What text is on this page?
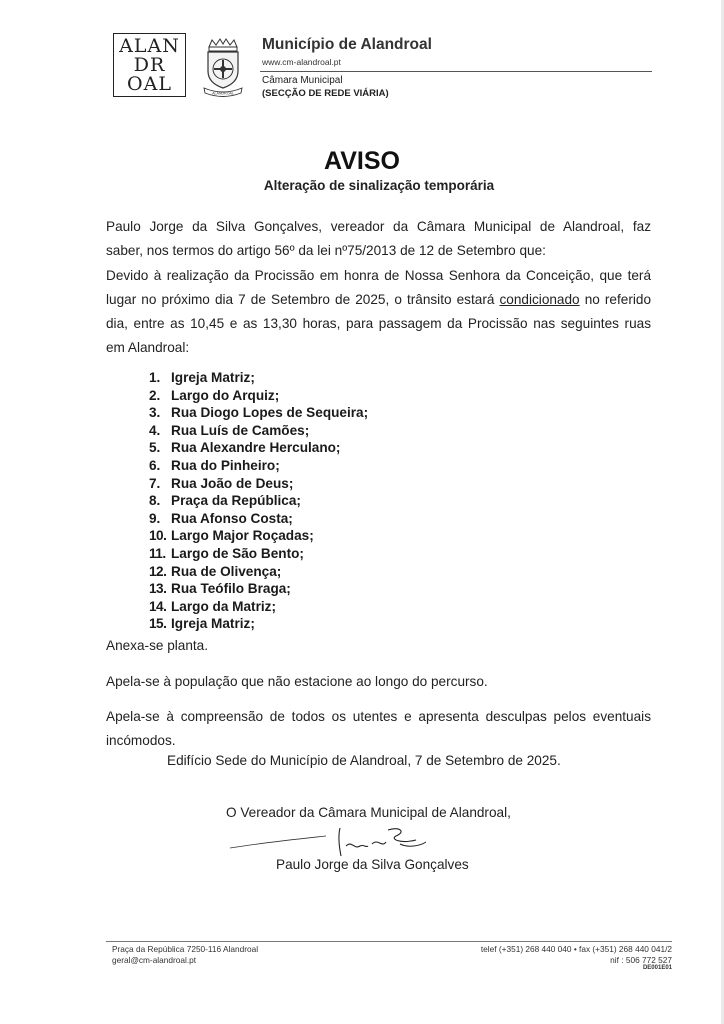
ALAN
DR
OAL	ALANDROAL
Município de Alandroal
www.cm-alandroal.pt
Câmara Municipal
(SECÇÃO DE REDE VIÁRIA)
AVISO
Alteração de sinalização temporária

Paulo Jorge da Silva Gonçalves, vereador da Câmara Municipal de Alandroal, faz

saber, nos termos do artigo 56º da lei nº75/2013 de 12 de Setembro que:

Devido à realização da Procissão em honra de Nossa Senhora da Conceição, que terá

lugar no próximo dia 7 de Setembro de 2025, o trânsito estará condicionado no referido

dia, entre as 10,45 e as 13,30 horas, para passagem da Procissão nas seguintes ruas

em Alandroal:

1. Igreja Matriz;
2. Largo do Arquiz;
3. Rua Diogo Lopes de Sequeira;
4. Rua Luís de Camões;
5. Rua Alexandre Herculano;
6. Rua do Pinheiro;
7. Rua João de Deus;
8. Praça da República;
9. Rua Afonso Costa;
10. Largo Major Roçadas;
11. Largo de São Bento;
12. Rua de Olivença;
13. Rua Teófilo Braga;
14. Largo da Matriz;
15. Igreja Matriz;
Anexa-se planta.
Apela-se à população que não estacione ao longo do percurso.
Apela-se à compreensão de todos os utentes e apresenta desculpas pelos eventuais
incómodos.
Edifício Sede do Município de Alandroal, 7 de Setembro de 2025.
O Vereador da Câmara Municipal de Alandroal,
Paulo Jorge da Silva Gonçalves
Praça da República 7250-116 Alandroal
geral@cm-alandroal.pt
telef (+351) 268 440 040 • fax (+351) 268 440 041/2
nif : 506 772 527
DE001E01
